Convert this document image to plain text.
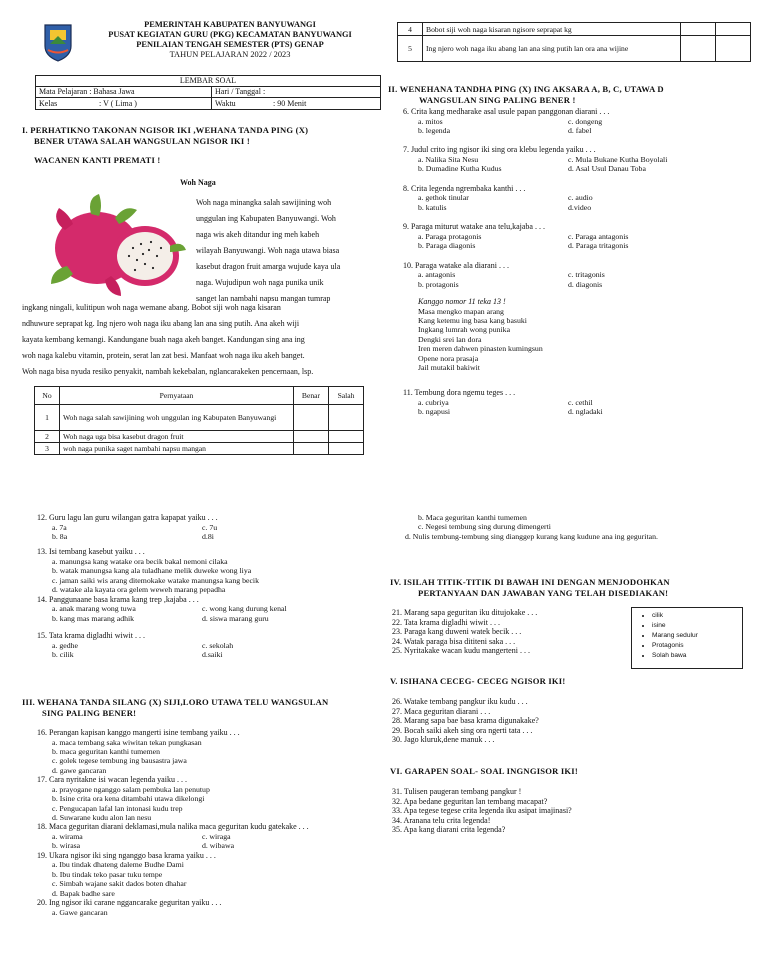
PEMERINTAH KABUPATEN BANYUWANGI
PUSAT KEGIATAN GURU (PKG) KECAMATAN BANYUWANGI
PENILAIAN TENGAH SEMESTER (PTS) GENAP
TAHUN PELAJARAN 2022 / 2023
LEMBAR SOAL
Mata Pelajaran : Bahasa Jawa
Kelas	: V ( Lima )
Hari / Tanggal :
Waktu	: 90 Menit
I. PERHATIKNO TAKONAN NGISOR IKI ,WEHANA TANDA PING (X)
BENER UTAWA SALAH WANGSULAN NGISOR IKI !
WACANEN KANTI PREMATI !
Woh Naga
Woh naga minangka salah sawijining woh
unggulan ing Kabupaten Banyuwangi. Woh
naga wis akeh ditandur ing meh kabeh
wilayah Banyuwangi. Woh naga utawa biasa
kasebut dragon fruit amarga wujude kaya ula
naga. Wujudipun woh naga punika unik
sanget lan nambahi napsu mangan tumrap
ingkang ningali, kulitipun woh naga wemane abang. Bobot siji woh naga kisaran
ndhuwure seprapat kg. Ing njero woh naga iku abang lan ana sing putih. Ana akeh wiji
kayata kembang kemangi. Kandungane buah naga akeh banget. Kandungan sing ana ing
woh naga kalebu vitamin, protein, serat lan zat besi. Manfaat woh naga iku akeh banget.
Woh naga bisa nyuda resiko penyakit, nambah kekebalan, nglancarakeken pencernaan, lsp.
No	Pernyataan	Benar	Salah
1	Woh naga salah sawijining woh unggulan ing Kabupaten Banyuwangi		
2	Woh naga uga bisa kasebut dragon fruit		
3	woh naga punika saget nambahi napsu mangan		
4	Bobot siji woh naga kisaran ngisore seprapat kg		
5	Ing njero woh naga iku abang lan ana sing putih lan ora ana wijine		
II. WENEHANA TANDHA PING (X) ING AKSARA A, B, C, UTAWA D
WANGSULAN SING PALING BENER !
6. Crita kang medharake asal usule papan panggonan diarani . . .
a. mitos	c. dongeng
b. legenda	d. fabel
7. Judul crito ing ngisor iki sing ora klebu legenda yaiku . . .
a. Nalika Sita Nesu	c. Mula Bukane Kutha Boyolali
b. Dumadine Kutha Kudus	d. Asal Usul Danau Toba
8. Crita legenda ngrembaka kanthi . . .
a. gethok tinular	c. audio
b. katulis	d.video
9. Paraga miturut watake ana telu,kajaba . . .
a. Paraga protagonis	c. Paraga antagonis
b. Paraga diagonis	d. Paraga tritagonis
10. Paraga watake ala diarani . . .
a. antagonis	c. tritagonis
b. protagonis	d. diagonis
Kanggo nomor 11 teka 13 !
Masa mengko mapan arang
Kang ketemu ing basa kang basuki
Ingkang lumrah wong punika
Dengki srei lan dora
Iren meren dahwen pinasten kumingsun
Opene nora prasaja
Jail mutakil bakiwit
11. Tembung dora ngemu teges . . .
a. cubriya	c. cethil
b. ngapusi	d. ngladaki
12. Guru lagu lan guru wilangan gatra kapapat yaiku . . .
a. 7a	c. 7u
b. 8a	d.8i
13. Isi tembang kasebut yaiku . . .
a. manungsa kang watake ora becik bakal nemoni cilaka
b. watak manungsa kang ala tuladhane melik duweke wong liya
c. jaman saiki wis arang ditemokake watake manungsa kang becik
d. watake ala kayata ora gelem weweh marang pepadha
14. Panggunaane basa krama kang trep ,kajaba . . .
a. anak marang wong tuwa	c. wong kang durung kenal
b. kang mas marang adhik	d. siswa marang guru
15. Tata krama digladhi wiwit . . .
a. gedhe	c. sekolah
b. cilik	d.saiki
III. WEHANA TANDA SILANG (X) SIJI,LORO UTAWA TELU WANGSULAN
SING PALING BENER!
16. Perangan kapisan kanggo mangerti isine tembang yaiku . . .
a. maca tembang saka wiwitan tekan pungkasan
b. maca geguritan kanthi tumemen
c. golek tegese tembung ing bausastra jawa
d. gawe gancaran
17. Cara nyritakne isi wacan legenda yaiku . . .
a. prayogane nganggo salam pembuka lan penutup
b. Isine crita ora kena ditambahi utawa dikelongi
c. Pengucapan lafal lan intonasi kudu trep
d. Suwarane kudu alon lan nesu
18. Maca geguritan diarani deklamasi,mula nalika maca geguritan kudu gatekake . . .
a. wirama	c. wiraga
b. wirasa	d. wibawa
19. Ukara ngisor iki sing nganggo basa krama yaiku . . .
a. Ibu tindak dhateng daleme Budhe Dami
b. Ibu tindak teko pasar tuku tempe
c. Simbah wajane sakit dados boten dhahar
d. Bapak badhe sare
20. Ing ngisor iki carane nggancarake geguritan yaiku . . .
a. Gawe gancaran
b. Maca geguritan kanthi tumemen
c. Negesi tembung sing durung dimengerti
d. Nulis tembung-tembung sing dianggep kurang kang kudune ana ing geguritan.
IV. ISILAH TITIK-TITIK DI BAWAH INI DENGAN MENJODOHKAN
PERTANYAAN DAN JAWABAN YANG TELAH DISEDIAKAN!
21. Marang sapa geguritan iku ditujokake . . .
22. Tata krama digladhi wiwit . . .
23. Paraga kang duweni watek becik . . .
24. Watak paraga bisa dititeni saka . . .
25. Nyritakake wacan kudu mangerteni . . .
• cilik
• isine
• Marang sedulur
• Protagonis
• Solah bawa
V. ISIHANA CECEG- CECEG NGISOR IKI!
26. Watake tembang pangkur iku kudu . . .
27. Maca geguritan diarani . . .
28. Marang sapa bae basa krama digunakake?
29. Bocah saiki akeh sing ora ngerti tata . . .
30. Jago kluruk,dene manuk . . .
VI. GARAPEN SOAL- SOAL INGNGISOR IKI!
31. Tulisen paugeran tembang pangkur !
32. Apa bedane geguritan lan tembang macapat?
33. Apa tegese tegese crita legenda iku asipat imajinasi?
34. Aranana telu crita legenda!
35. Apa kang diarani crita legenda?
